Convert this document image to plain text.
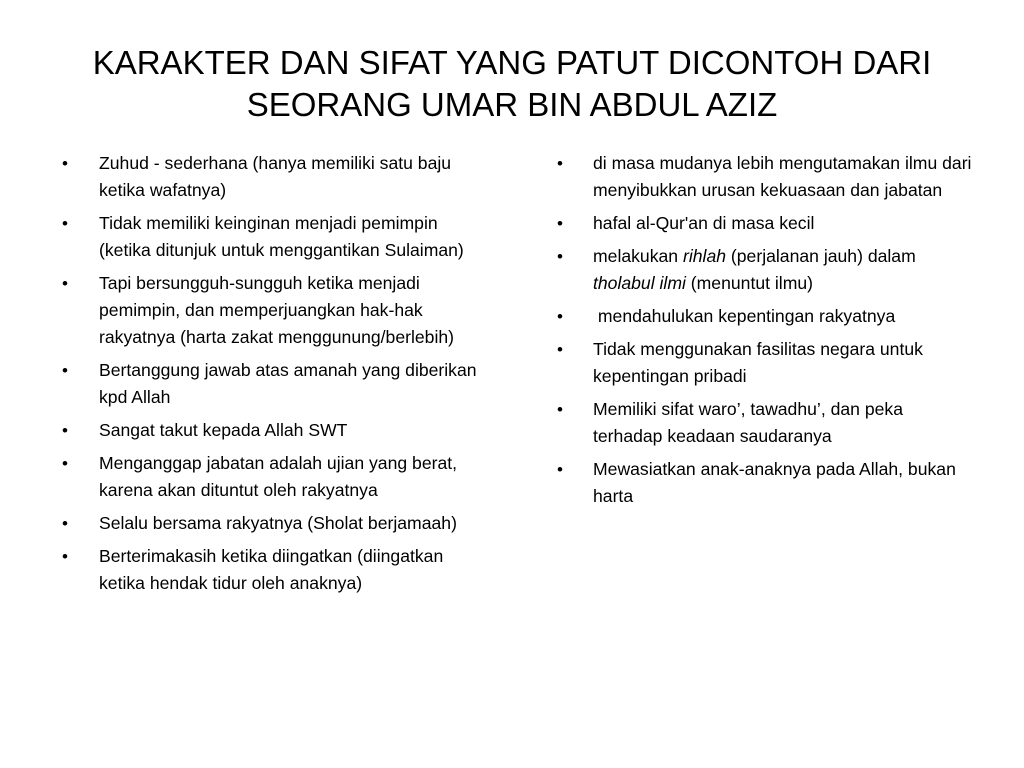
KARAKTER DAN SIFAT YANG PATUT DICONTOH DARI
SEORANG UMAR BIN ABDUL AZIZ
• Zuhud - sederhana (hanya memiliki satu baju ketika wafatnya)
• Tidak memiliki keinginan menjadi pemimpin (ketika ditunjuk untuk menggantikan Sulaiman)
• Tapi bersungguh-sungguh ketika menjadi pemimpin, dan memperjuangkan hak-hak rakyatnya (harta zakat menggunung/berlebih)
• Bertanggung jawab atas amanah yang diberikan kpd Allah
• Sangat takut kepada Allah SWT
• Menganggap jabatan adalah ujian yang berat, karena akan dituntut oleh rakyatnya
• Selalu bersama rakyatnya (Sholat berjamaah)
• Berterimakasih ketika diingatkan (diingatkan ketika hendak tidur oleh anaknya)
• di masa mudanya lebih mengutamakan ilmu dari menyibukkan urusan kekuasaan dan jabatan
• hafal al-Qur'an di masa kecil
• melakukan rihlah (perjalanan jauh) dalam tholabul ilmi (menuntut ilmu)
• mendahulukan kepentingan rakyatnya
• Tidak menggunakan fasilitas negara untuk kepentingan pribadi
• Memiliki sifat waro’, tawadhu’, dan peka terhadap keadaan saudaranya
• Mewasiatkan anak-anaknya pada Allah, bukan harta
